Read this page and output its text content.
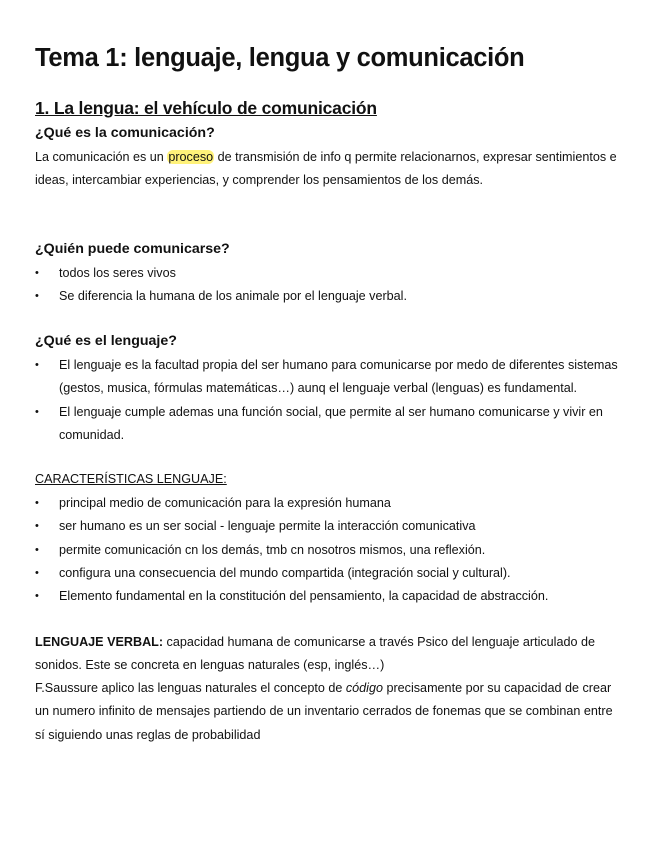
Tema 1: lenguaje, lengua y comunicación
1. La lengua: el vehículo de comunicación

¿Qué es la comunicación?

La comunicación es un proceso de transmisión de info q permite relacionarnos, expresar sentimientos e ideas, intercambiar experiencias, y comprender los pensamientos de los demás.

¿Quién puede comunicarse?

• todos los seres vivos
• Se diferencia la humana de los animale por el lenguaje verbal.

¿Qué es el lenguaje?

• El lenguaje es la facultad propia del ser humano para comunicarse por medo de diferentes sistemas (gestos, musica, fórmulas matemáticas…) aunq el lenguaje verbal (lenguas) es fundamental.
• El lenguaje cumple ademas una función social, que permite al ser humano comunicarse y vivir en comunidad.

CARACTERÍSTICAS LENGUAJE:

• principal medio de comunicación para la expresión humana
• ser humano es un ser social - lenguaje permite la interacción comunicativa
• permite comunicación cn los demás, tmb cn nosotros mismos, una reflexión.
• configura una consecuencia del mundo compartida (integración social y cultural).
• Elemento fundamental en la constitución del pensamiento, la capacidad de abstracción.

LENGUAJE VERBAL: capacidad humana de comunicarse a través Psico del lenguaje articulado de sonidos. Este se concreta en lenguas naturales (esp, inglés…)

F.Saussure aplico las lenguas naturales el concepto de código precisamente por su capacidad de crear un numero infinito de mensajes partiendo de un inventario cerrados de fonemas que se combinan entre sí siguiendo unas reglas de probabilidad
